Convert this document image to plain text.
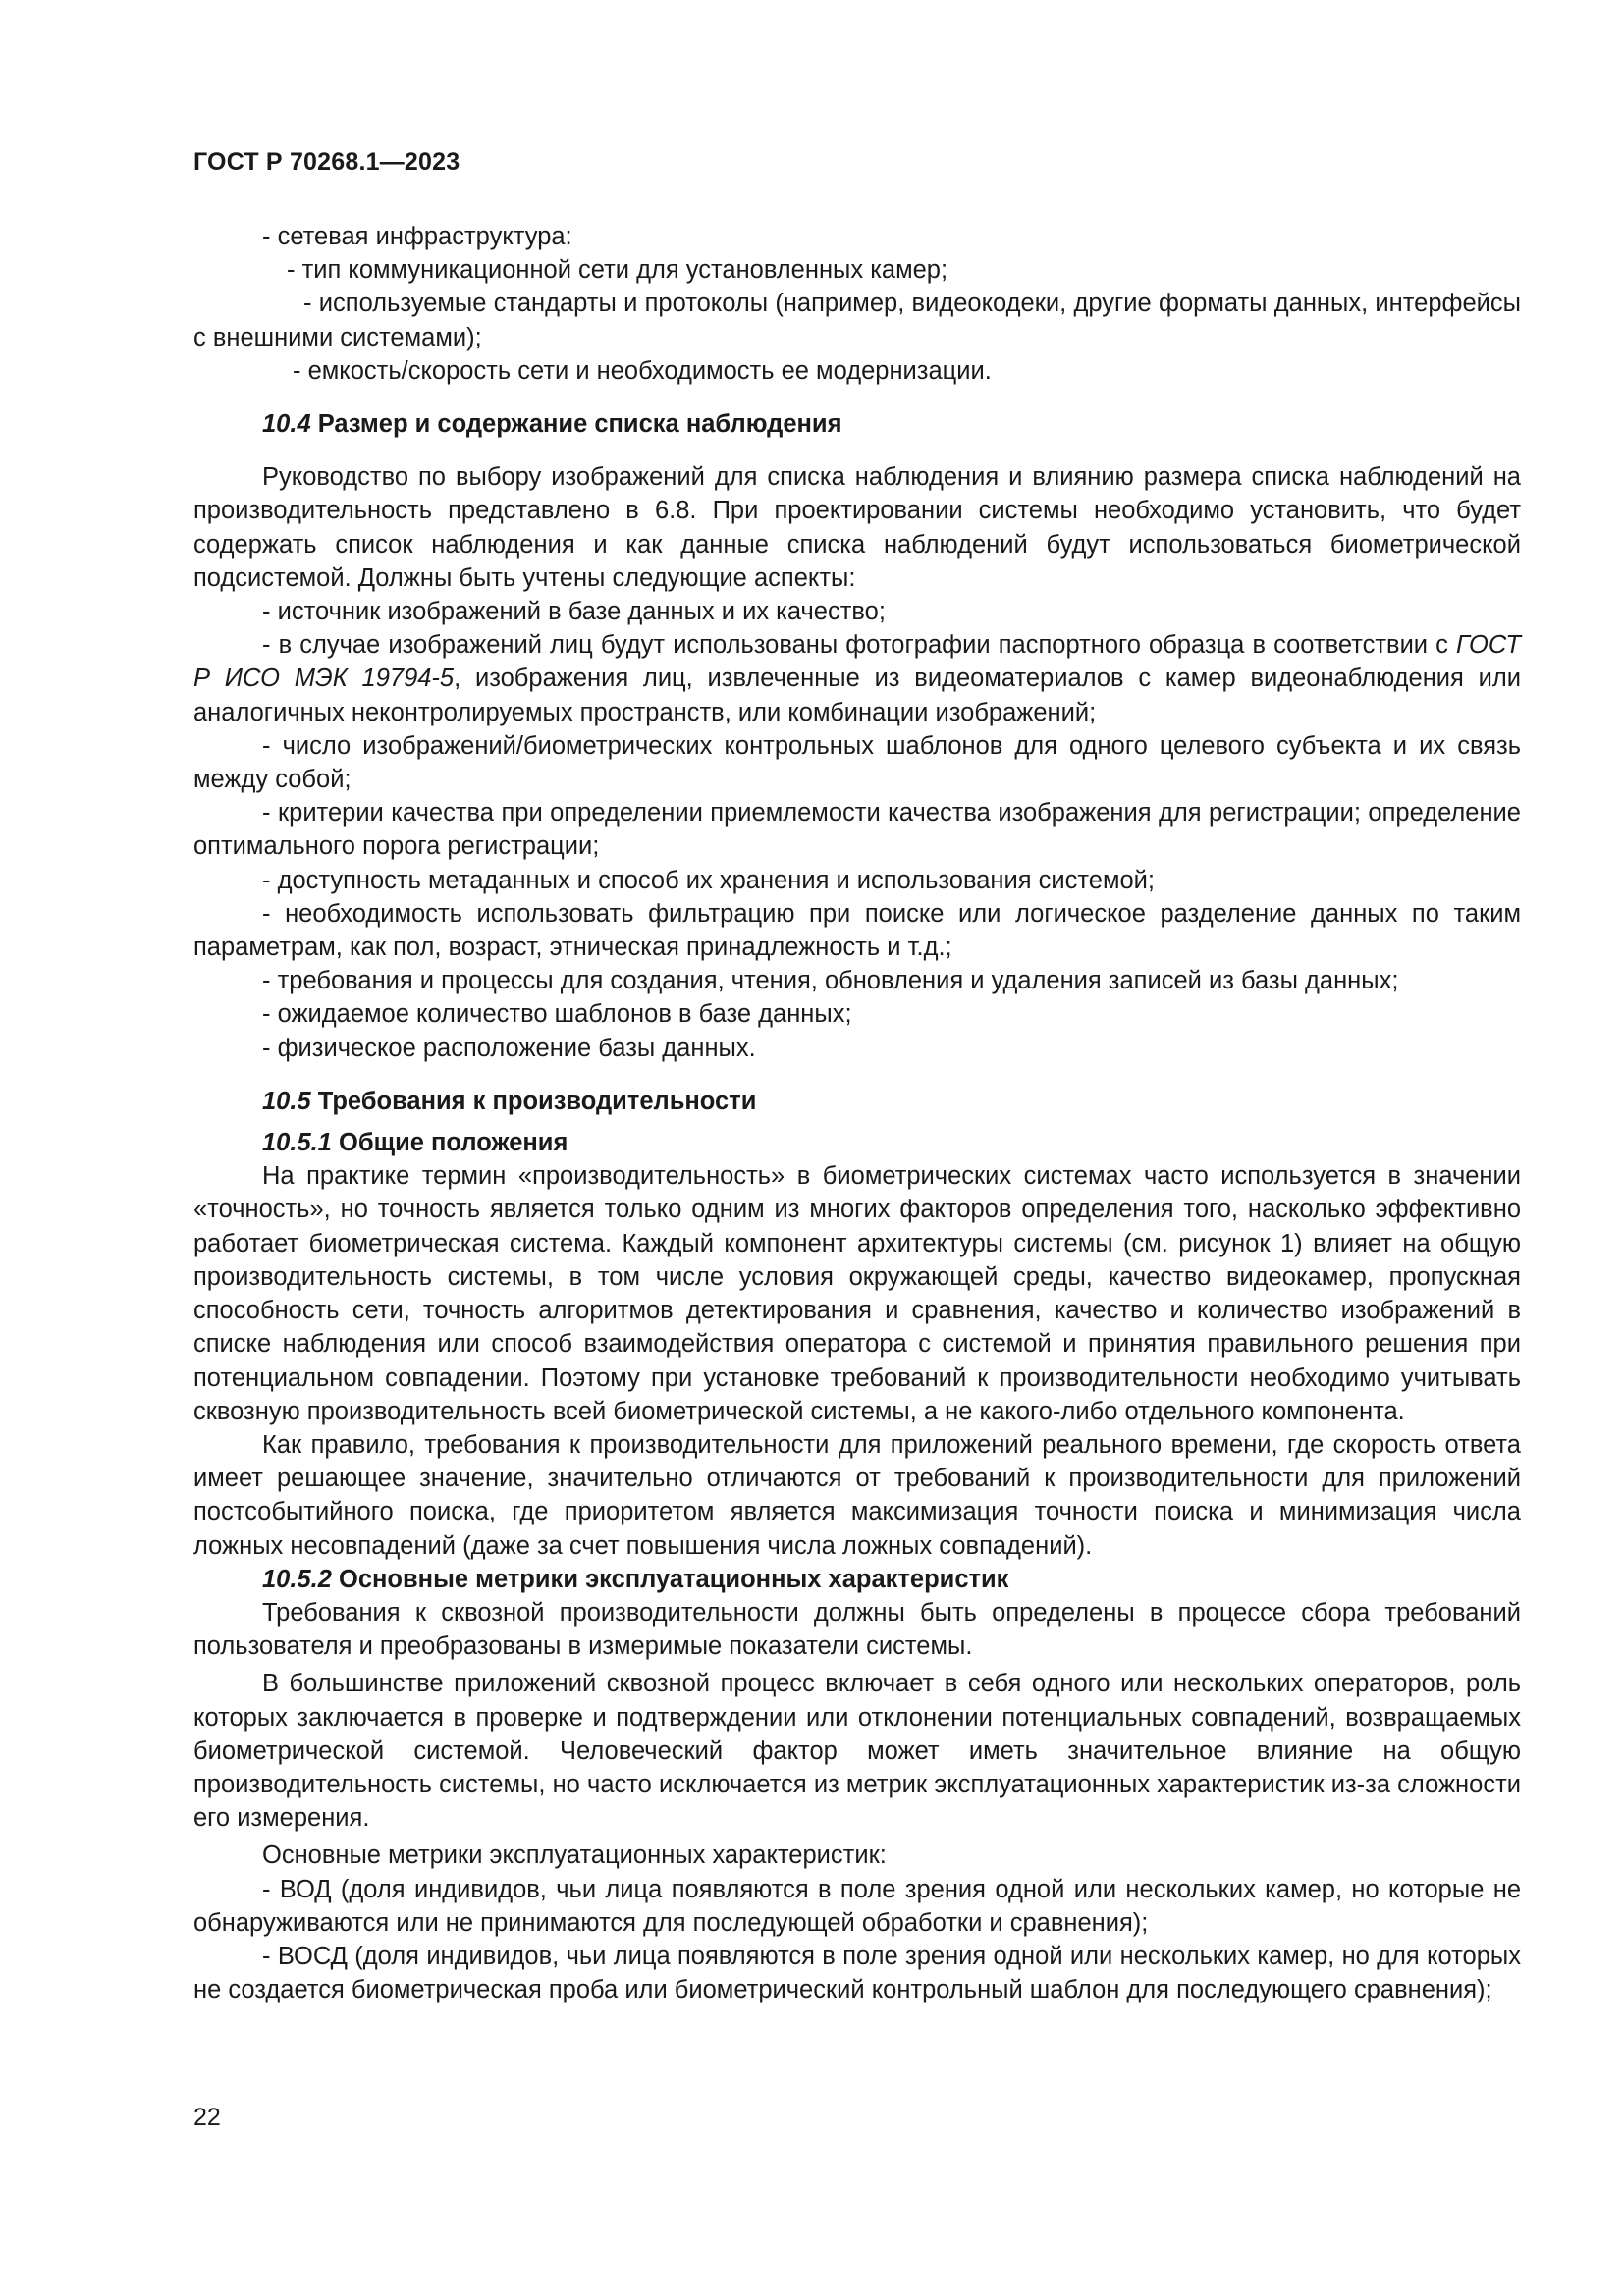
ГОСТ Р 70268.1—2023

- сетевая инфраструктура:

- тип коммуникационной сети для установленных камер;

- используемые стандарты и протоколы (например, видеокодеки, другие форматы данных, интерфейсы с внешними системами);

- емкость/скорость сети и необходимость ее модернизации.

10.4 Размер и содержание списка наблюдения

Руководство по выбору изображений для списка наблюдения и влиянию размера списка наблюдений на производительность представлено в 6.8. При проектировании системы необходимо установить, что будет содержать список наблюдения и как данные списка наблюдений будут использоваться биометрической подсистемой. Должны быть учтены следующие аспекты:

- источник изображений в базе данных и их качество;

- в случае изображений лиц будут использованы фотографии паспортного образца в соответствии с ГОСТ Р ИСО МЭК 19794-5, изображения лиц, извлеченные из видеоматериалов с камер видеонаблюдения или аналогичных неконтролируемых пространств, или комбинации изображений;

- число изображений/биометрических контрольных шаблонов для одного целевого субъекта и их связь между собой;

- критерии качества при определении приемлемости качества изображения для регистрации; определение оптимального порога регистрации;

- доступность метаданных и способ их хранения и использования системой;

- необходимость использовать фильтрацию при поиске или логическое разделение данных по таким параметрам, как пол, возраст, этническая принадлежность и т.д.;

- требования и процессы для создания, чтения, обновления и удаления записей из базы данных;

- ожидаемое количество шаблонов в базе данных;

- физическое расположение базы данных.

10.5 Требования к производительности

10.5.1 Общие положения

На практике термин «производительность» в биометрических системах часто используется в значении «точность», но точность является только одним из многих факторов определения того, насколько эффективно работает биометрическая система. Каждый компонент архитектуры системы (см. рисунок 1) влияет на общую производительность системы, в том числе условия окружающей среды, качество видеокамер, пропускная способность сети, точность алгоритмов детектирования и сравнения, качество и количество изображений в списке наблюдения или способ взаимодействия оператора с системой и принятия правильного решения при потенциальном совпадении. Поэтому при установке требований к производительности необходимо учитывать сквозную производительность всей биометрической системы, а не какого-либо отдельного компонента.

Как правило, требования к производительности для приложений реального времени, где скорость ответа имеет решающее значение, значительно отличаются от требований к производительности для приложений постсобытийного поиска, где приоритетом является максимизация точности поиска и минимизация числа ложных несовпадений (даже за счет повышения числа ложных совпадений).

10.5.2 Основные метрики эксплуатационных характеристик

Требования к сквозной производительности должны быть определены в процессе сбора требований пользователя и преобразованы в измеримые показатели системы.

В большинстве приложений сквозной процесс включает в себя одного или нескольких операторов, роль которых заключается в проверке и подтверждении или отклонении потенциальных совпадений, возвращаемых биометрической системой. Человеческий фактор может иметь значительное влияние на общую производительность системы, но часто исключается из метрик эксплуатационных характеристик из-за сложности его измерения.

Основные метрики эксплуатационных характеристик:

- ВОД (доля индивидов, чьи лица появляются в поле зрения одной или нескольких камер, но которые не обнаруживаются или не принимаются для последующей обработки и сравнения);

- ВОСД (доля индивидов, чьи лица появляются в поле зрения одной или нескольких камер, но для которых не создается биометрическая проба или биометрический контрольный шаблон для последующего сравнения);

22
